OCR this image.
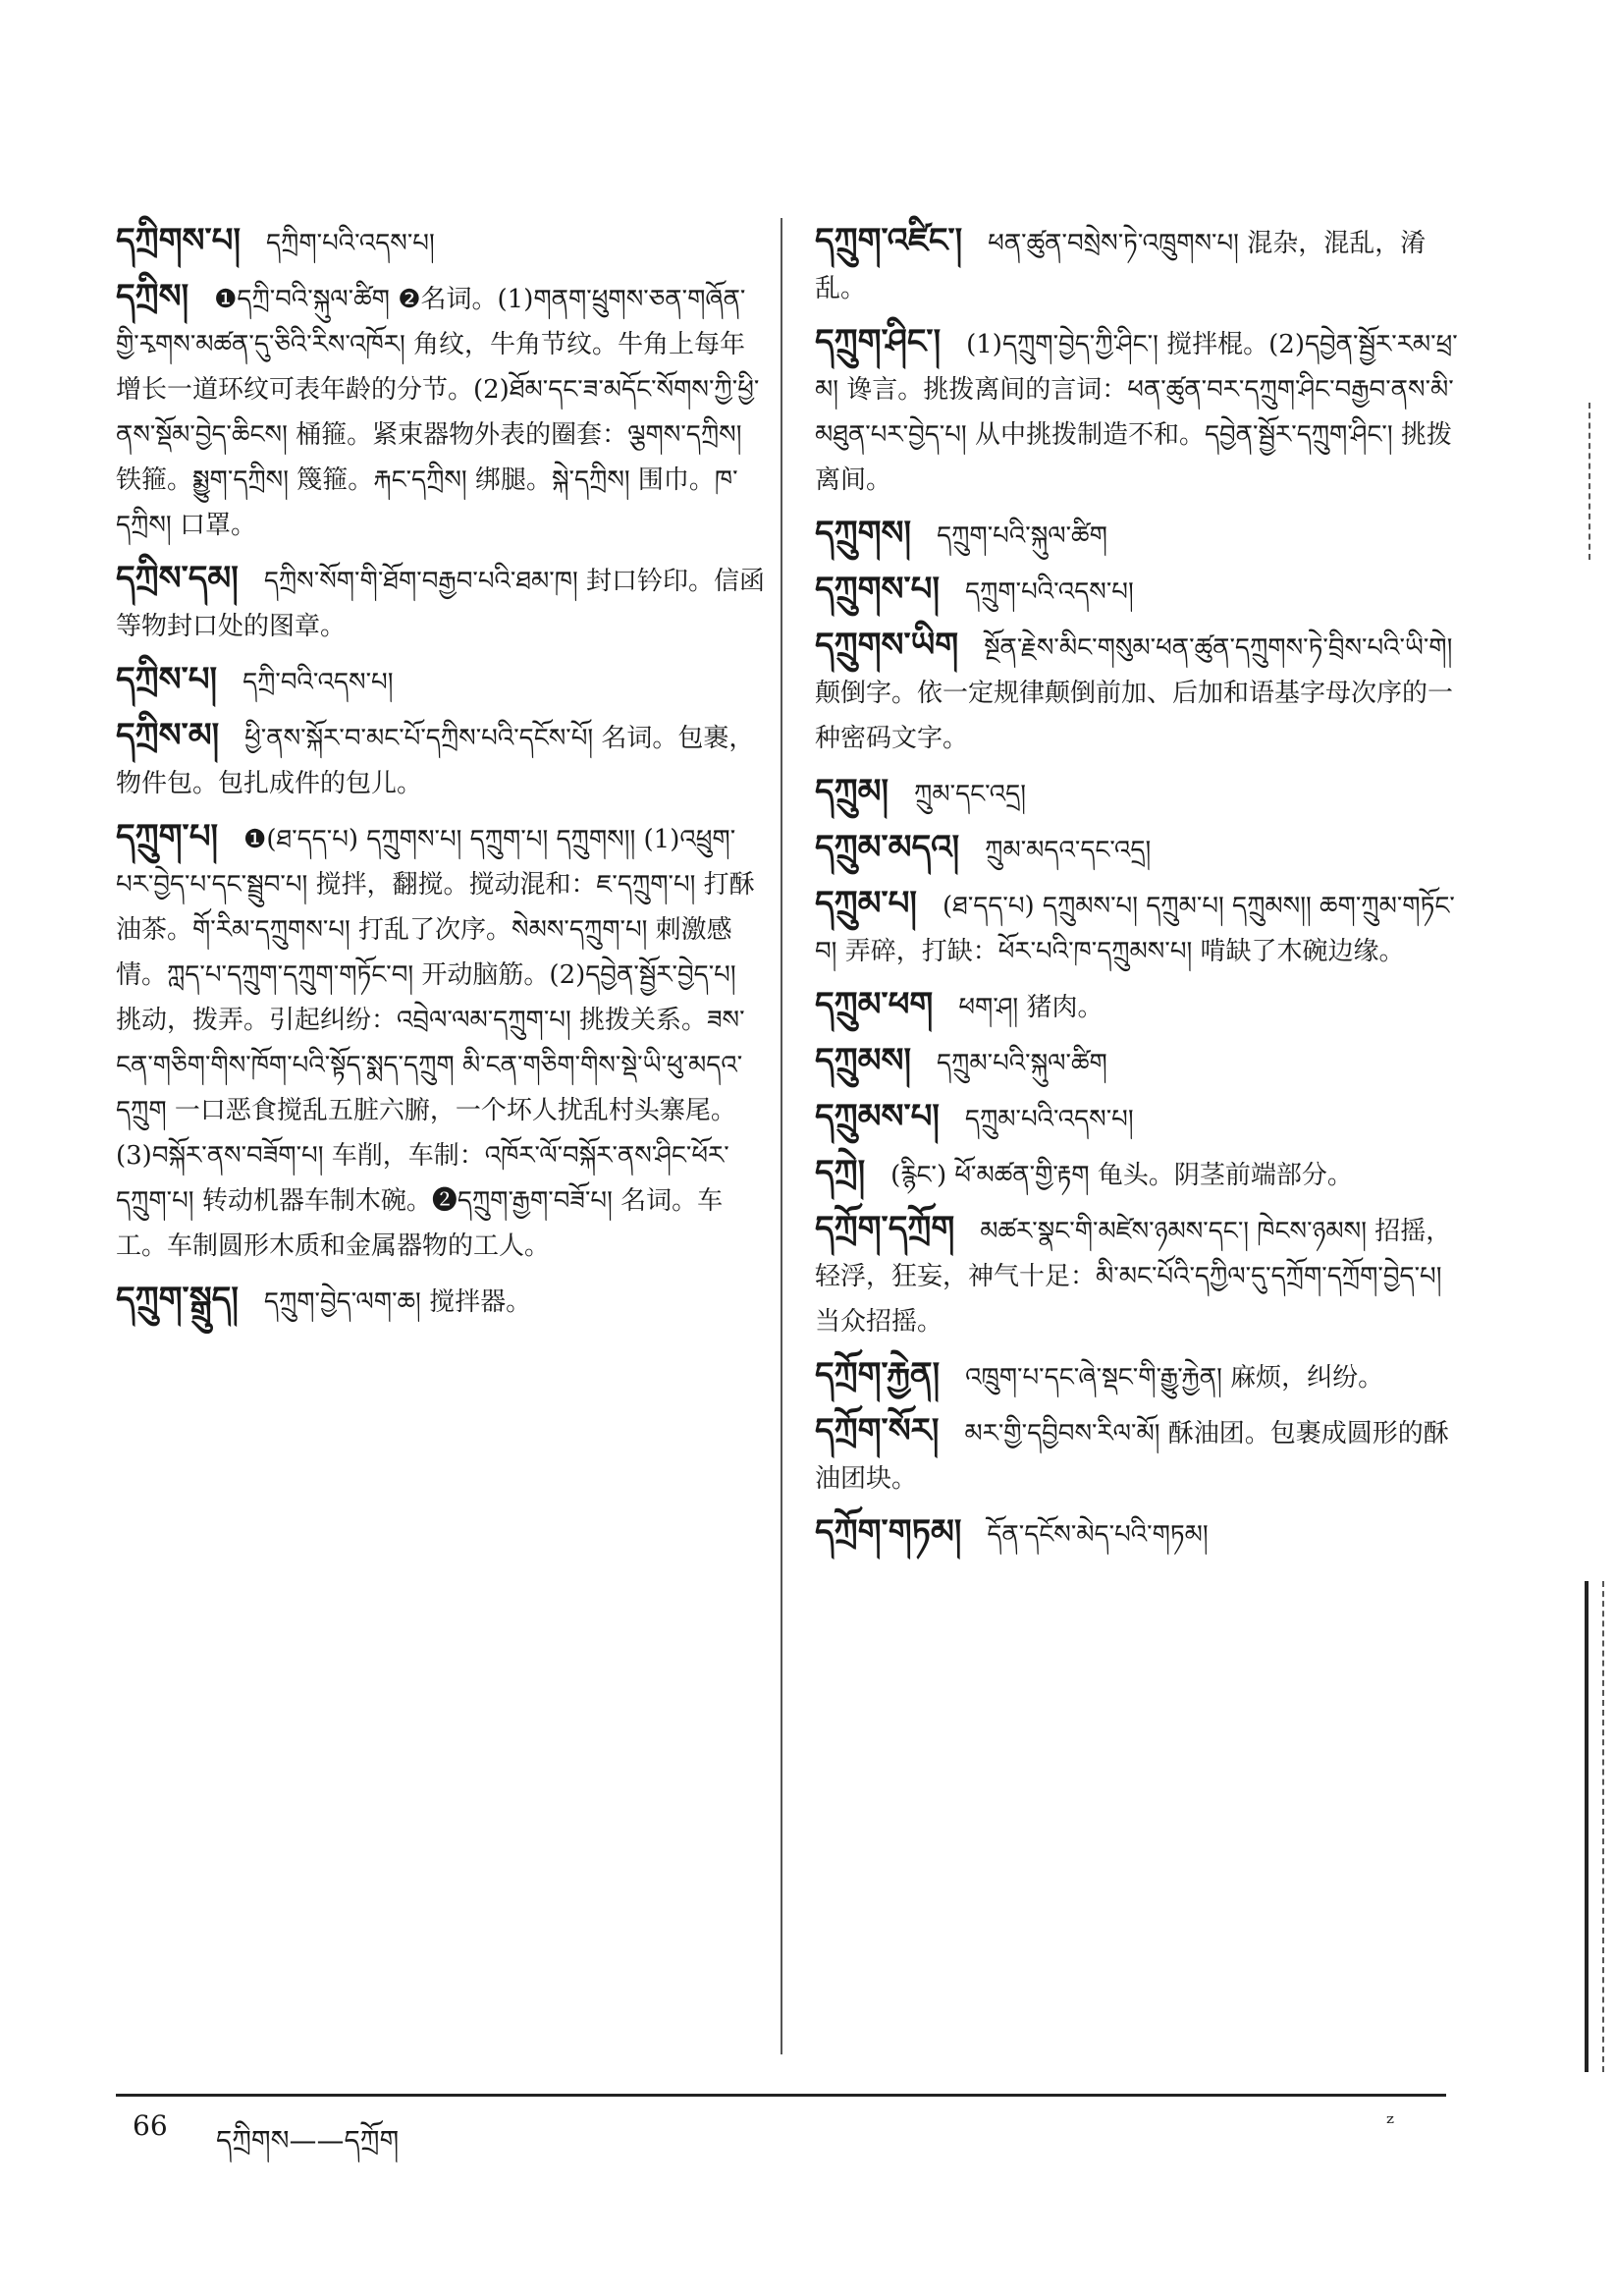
དཀྲིགས་པ། དཀྲིག་པའི་འདས་པ།
དཀྲིས། ❶དཀྲི་བའི་སྐུལ་ཚིག ❷名词。(1)གནག་ཕྲུགས་ཅན་གཞོན་གྱི་རྭགས་མཚན་དུ་ཅིའི་རིས་འཁོར། 角纹，牛角节纹。牛角上每年增长一道环纹可表年龄的分节。(2)ཐོམ་དང་ཟ་མདོང་སོགས་ཀྱི་ཕྱི་ནས་སྡོམ་བྱེད་ཆིངས། 桶箍。紧束器物外表的圈套：ལྕགས་དཀྲིས། 铁箍。སྨྱུག་དཀྲིས། 篾箍。རྐང་དཀྲིས། 绑腿。སྐེ་དཀྲིས། 围巾。ཁ་དཀྲིས། 口罩。
དཀྲིས་དམ། དཀྲིས་སོག་གི་ཐོག་བརྒྱབ་པའི་ཐམ་ཁ། 封口钤印。信函等物封口处的图章。
དཀྲིས་པ། དཀྲི་བའི་འདས་པ།
དཀྲིས་མ། ཕྱི་ནས་སྐོར་བ་མང་པོ་དཀྲིས་པའི་དངོས་པོ། 名词。包裹，物件包。包扎成件的包儿。
དཀྲུག་པ། ❶(ཐ་དད་པ) དཀྲུགས་པ། དཀྲུག་པ། དཀྲུགས།། (1)འཕྲུག་པར་བྱེད་པ་དང་སྦྲུབ་པ། 搅拌，翻搅。搅动混和：ཇ་དཀྲུག་པ། 打酥油茶。གོ་རིམ་དཀྲུགས་པ། 打乱了次序。སེམས་དཀྲུག་པ། 刺激感情。ཀླད་པ་དཀྲུག་དཀྲུག་གཏོང་བ། 开动脑筋。(2)དབྱེན་སྦྱོར་བྱེད་པ། 挑动，拨弄。引起纠纷：འབྲེལ་ལམ་དཀྲུག་པ། 挑拨关系。ཟས་ངན་གཅིག་གིས་ཁོག་པའི་སྟོད་སྨད་དཀྲུག མི་ངན་གཅིག་གིས་སྡེ་ཡི་ཕུ་མདའ་དཀྲུག 一口恶食搅乱五脏六腑，一个坏人扰乱村头寨尾。(3)བསྐོར་ནས་བཟོག་པ། 车削，车制：འཁོར་ལོ་བསྐོར་ནས་ཤིང་ཕོར་དཀྲུག་པ། 转动机器车制木碗。❷དཀྲུག་རྒྱག་བཟོ་པ། 名词。车工。车制圆形木质和金属器物的工人。
དཀྲུག་སྒྲུད། དཀྲུག་བྱེད་ལག་ཆ། 搅拌器。
དཀྲུག་འཛིང་། ཕན་ཚུན་བསྲེས་ཏེ་འཁྲུགས་པ། 混杂，混乱，淆乱。
དཀྲུག་ཤིང་། (1)དཀྲུག་བྱེད་ཀྱི་ཤིང་། 搅拌棍。(2)དབྱེན་སྦྱོར་རམ་ཕྲ་མ། 谗言。挑拨离间的言词：ཕན་ཚུན་བར་དཀྲུག་ཤིང་བརྒྱབ་ནས་མི་མཐུན་པར་བྱེད་པ། 从中挑拨制造不和。དབྱེན་སྦྱོར་དཀྲུག་ཤིང་། 挑拨离间。
དཀྲུགས། དཀྲུག་པའི་སྐུལ་ཚིག
དཀྲུགས་པ། དཀྲུག་པའི་འདས་པ།
དཀྲུགས་ཡིག སྔོན་རྗེས་མིང་གསུམ་ཕན་ཚུན་དཀྲུགས་ཏེ་བྲིས་པའི་ཡི་གེ། 颠倒字。依一定规律颠倒前加、后加和语基字母次序的一种密码文字。
དཀྲུམ། ཀྲུམ་དང་འདྲ།
དཀྲུམ་མདའ། ཀྲུམ་མདའ་དང་འདྲ།
དཀྲུམ་པ། (ཐ་དད་པ) དཀྲུམས་པ། དཀྲུམ་པ། དཀྲུམས།། ཆག་ཀྲུམ་གཏོང་བ། 弄碎，打缺：ཕོར་པའི་ཁ་དཀྲུམས་པ། 啃缺了木碗边缘。
དཀྲུམ་ཕག ཕག་ཤ། 猪肉。
དཀྲུམས། དཀྲུམ་པའི་སྐུལ་ཚིག
དཀྲུམས་པ། དཀྲུམ་པའི་འདས་པ།
དཀྲེ། (རྙིང་) ཕོ་མཚན་གྱི་རྟག 龟头。阴茎前端部分。
དཀྲོག་དཀྲོག མཚར་སྣང་གི་མཛེས་ཉམས་དང་། ཁེངས་ཉམས། 招摇，轻浮，狂妄，神气十足：མི་མང་པོའི་དཀྱིལ་དུ་དཀྲོག་དཀྲོག་བྱེད་པ། 当众招摇。
དཀྲོག་རྐྱེན། འཁྲུག་པ་དང་ཞེ་སྡང་གི་རྒྱུ་རྐྱེན། 麻烦，纠纷。
དཀྲོག་སོར། མར་གྱི་དབྱིབས་རིལ་མོ། 酥油团。包裹成圆形的酥油团块。
དཀྲོག་གཏམ། དོན་དངོས་མེད་པའི་གཏམ།
66 དཀྲིགས——དཀྲོག
ᶻ
